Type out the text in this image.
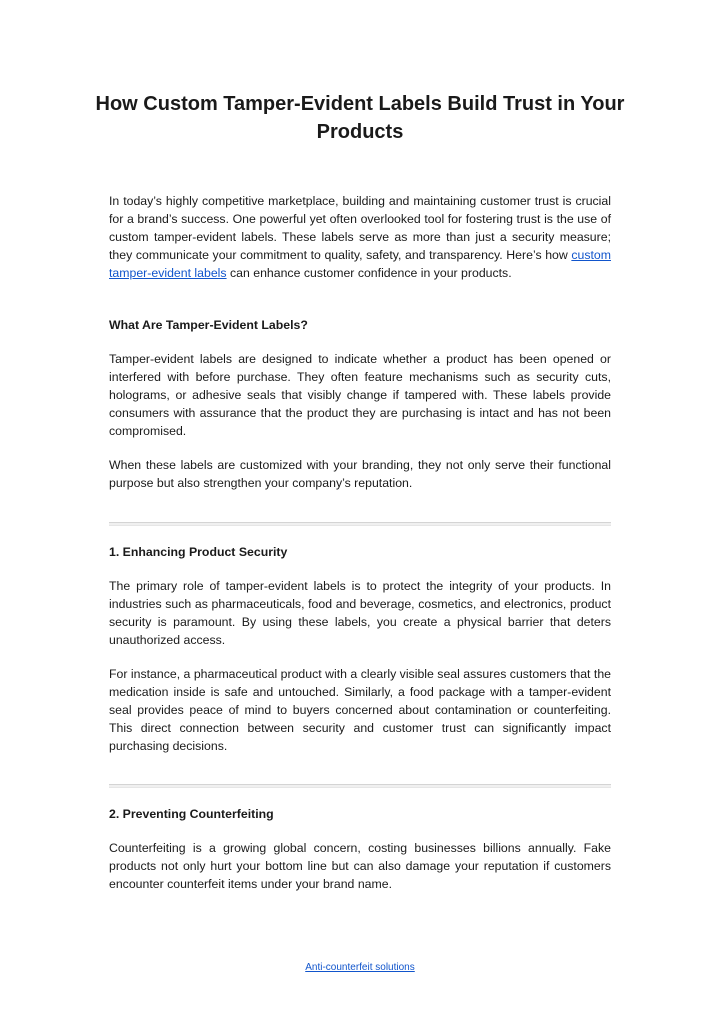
How Custom Tamper-Evident Labels Build Trust in Your Products

In today’s highly competitive marketplace, building and maintaining customer trust is crucial for a brand’s success. One powerful yet often overlooked tool for fostering trust is the use of custom tamper-evident labels. These labels serve as more than just a security measure; they communicate your commitment to quality, safety, and transparency. Here’s how custom tamper-evident labels can enhance customer confidence in your products.

What Are Tamper-Evident Labels?

Tamper-evident labels are designed to indicate whether a product has been opened or interfered with before purchase. They often feature mechanisms such as security cuts, holograms, or adhesive seals that visibly change if tampered with. These labels provide consumers with assurance that the product they are purchasing is intact and has not been compromised.

When these labels are customized with your branding, they not only serve their functional purpose but also strengthen your company’s reputation.

1. Enhancing Product Security

The primary role of tamper-evident labels is to protect the integrity of your products. In industries such as pharmaceuticals, food and beverage, cosmetics, and electronics, product security is paramount. By using these labels, you create a physical barrier that deters unauthorized access.

For instance, a pharmaceutical product with a clearly visible seal assures customers that the medication inside is safe and untouched. Similarly, a food package with a tamper-evident seal provides peace of mind to buyers concerned about contamination or counterfeiting. This direct connection between security and customer trust can significantly impact purchasing decisions.

2. Preventing Counterfeiting

Counterfeiting is a growing global concern, costing businesses billions annually. Fake products not only hurt your bottom line but can also damage your reputation if customers encounter counterfeit items under your brand name.

Anti-counterfeit solutions
